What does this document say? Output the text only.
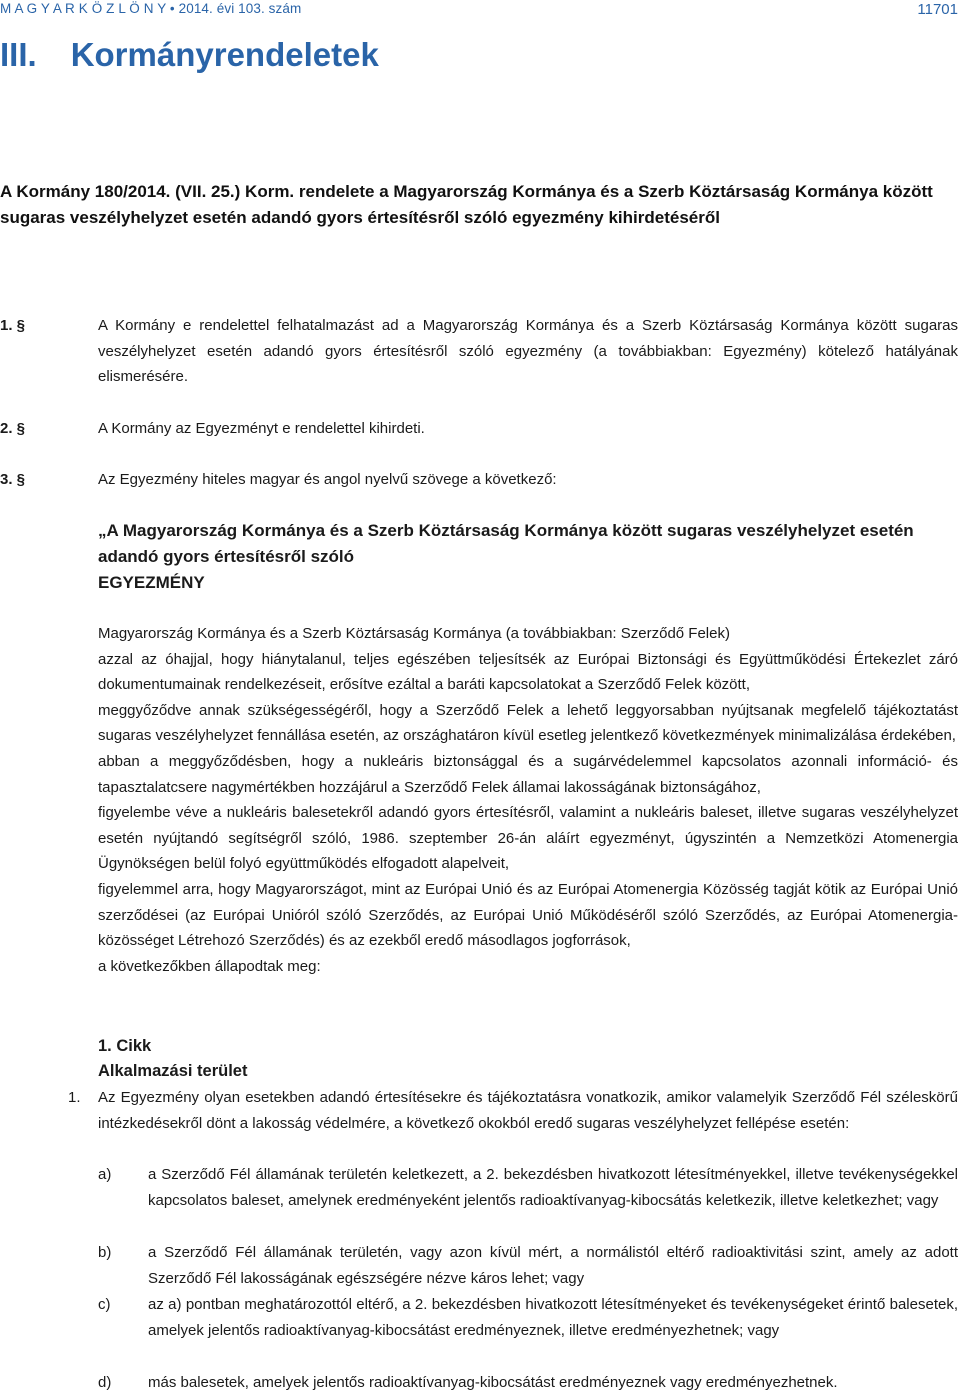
M A G Y A R K Ö Z L Ö N Y • 2014. évi 103. szám	11701
III. Kormányrendeletek
A Kormány 180/2014. (VII. 25.) Korm. rendelete a Magyarország Kormánya és a Szerb Köztársaság Kormánya között sugaras veszélyhelyzet esetén adandó gyors értesítésről szóló egyezmény kihirdetéséről
1. §	A Kormány e rendelettel felhatalmazást ad a Magyarország Kormánya és a Szerb Köztársaság Kormánya között sugaras veszélyhelyzet esetén adandó gyors értesítésről szóló egyezmény (a továbbiakban: Egyezmény) kötelező hatályának elismerésére.
2. §	A Kormány az Egyezményt e rendelettel kihirdeti.
3. §	Az Egyezmény hiteles magyar és angol nyelvű szövege a következő:
„A Magyarország Kormánya és a Szerb Köztársaság Kormánya között sugaras veszélyhelyzet esetén adandó gyors értesítésről szóló
EGYEZMÉNY
Magyarország Kormánya és a Szerb Köztársaság Kormánya (a továbbiakban: Szerződő Felek)
azzal az óhajjal, hogy hiánytalanul, teljes egészében teljesítsék az Európai Biztonsági és Együttműködési Értekezlet záró dokumentumainak rendelkezéseit, erősítve ezáltal a baráti kapcsolatokat a Szerződő Felek között,
meggyőződve annak szükségességéről, hogy a Szerződő Felek a lehető leggyorsabban nyújtsanak megfelelő tájékoztatást sugaras veszélyhelyzet fennállása esetén, az országhatáron kívül esetleg jelentkező következmények minimalizálása érdekében,
abban a meggyőződésben, hogy a nukleáris biztonsággal és a sugárvédelemmel kapcsolatos azonnali információ- és tapasztalatcsere nagymértékben hozzájárul a Szerződő Felek államai lakosságának biztonságához,
figyelembe véve a nukleáris balesetekről adandó gyors értesítésről, valamint a nukleáris baleset, illetve sugaras veszélyhelyzet esetén nyújtandó segítségről szóló, 1986. szeptember 26-án aláírt egyezményt, úgyszintén a Nemzetközi Atomenergia Ügynökségen belül folyó együttműködés elfogadott alapelveit,
figyelemmel arra, hogy Magyarországot, mint az Európai Unió és az Európai Atomenergia Közösség tagját kötik az Európai Unió szerződései (az Európai Unióról szóló Szerződés, az Európai Unió Működéséről szóló Szerződés, az Európai Atomenergia-közösséget Létrehozó Szerződés) és az ezekből eredő másodlagos jogforrások,
a következőkben állapodtak meg:
1. Cikk
Alkalmazási terület
1. Az Egyezmény olyan esetekben adandó értesítésekre és tájékoztatásra vonatkozik, amikor valamelyik Szerződő Fél széleskörű intézkedésekről dönt a lakosság védelmére, a következő okokból eredő sugaras veszélyhelyzet fellépése esetén:
a) a Szerződő Fél államának területén keletkezett, a 2. bekezdésben hivatkozott létesítményekkel, illetve tevékenységekkel kapcsolatos baleset, amelynek eredményeként jelentős radioaktívanyag-kibocsátás keletkezik, illetve keletkezhet; vagy
b) a Szerződő Fél államának területén, vagy azon kívül mért, a normálistól eltérő radioaktivitási szint, amely az adott Szerződő Fél lakosságának egészségére nézve káros lehet; vagy
c)	az a) pontban meghatározottól eltérő, a 2. bekezdésben hivatkozott létesítményeket és tevékenységeket érintő balesetek, amelyek jelentős radioaktívanyag-kibocsátást eredményeznek, illetve eredményezhetnek; vagy
d) más balesetek, amelyek jelentős radioaktívanyag-kibocsátást eredményeznek vagy eredményezhetnek.
